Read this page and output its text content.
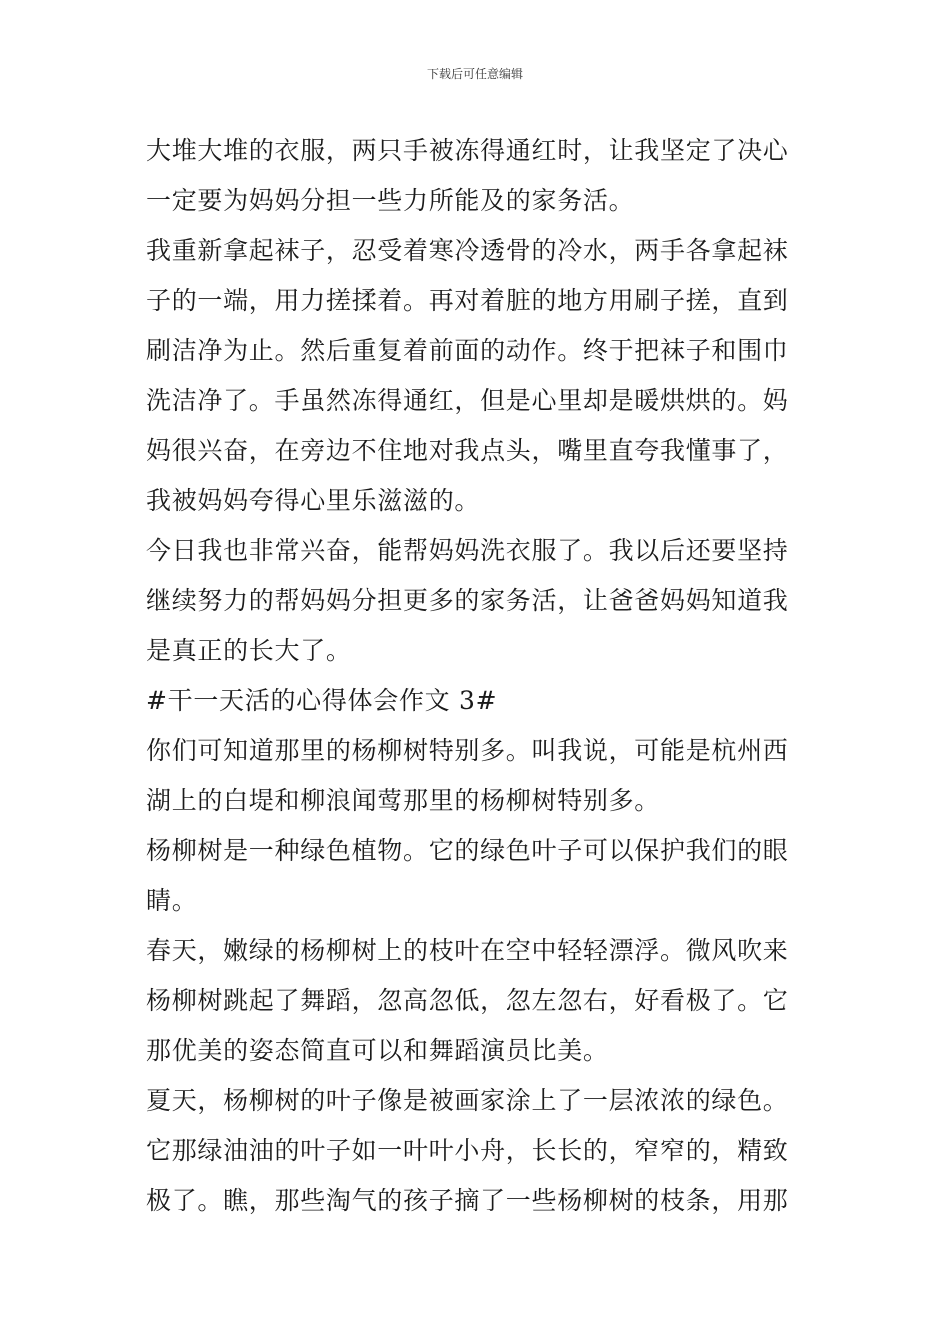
下载后可任意编辑
大堆大堆的衣服，两只手被冻得通红时，让我坚定了决心
一定要为妈妈分担一些力所能及的家务活。
我重新拿起袜子，忍受着寒冷透骨的冷水，两手各拿起袜
子的一端，用力搓揉着。再对着脏的地方用刷子搓，直到
刷洁净为止。然后重复着前面的动作。终于把袜子和围巾
洗洁净了。手虽然冻得通红，但是心里却是暖烘烘的。妈
妈很兴奋，在旁边不住地对我点头，嘴里直夸我懂事了，
我被妈妈夸得心里乐滋滋的。
今日我也非常兴奋，能帮妈妈洗衣服了。我以后还要坚持
继续努力的帮妈妈分担更多的家务活，让爸爸妈妈知道我
是真正的长大了。
#干一天活的心得体会作文 3#
你们可知道那里的杨柳树特别多。叫我说，可能是杭州西
湖上的白堤和柳浪闻莺那里的杨柳树特别多。
杨柳树是一种绿色植物。它的绿色叶子可以保护我们的眼
睛。
春天，嫩绿的杨柳树上的枝叶在空中轻轻漂浮。微风吹来
杨柳树跳起了舞蹈，忽高忽低，忽左忽右，好看极了。它
那优美的姿态简直可以和舞蹈演员比美。
夏天，杨柳树的叶子像是被画家涂上了一层浓浓的绿色。
它那绿油油的叶子如一叶叶小舟，长长的，窄窄的，精致
极了。瞧，那些淘气的孩子摘了一些杨柳树的枝条，用那
